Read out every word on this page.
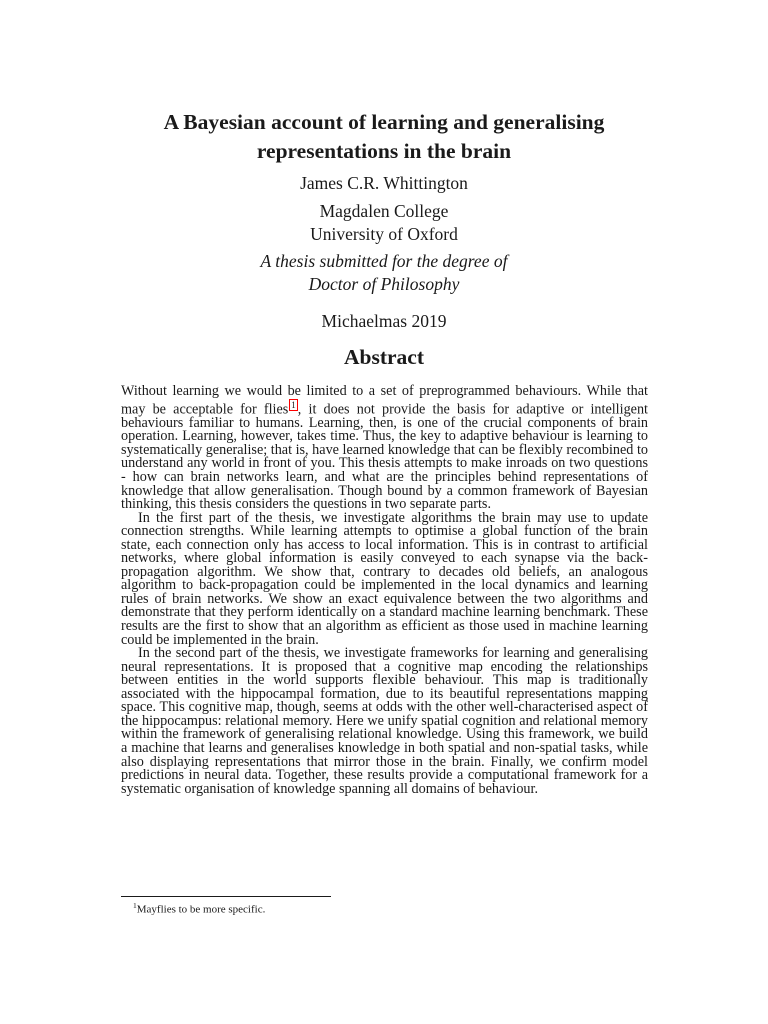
A Bayesian account of learning and generalising
representations in the brain
James C.R. Whittington
Magdalen College
University of Oxford
A thesis submitted for the degree of
Doctor of Philosophy
Michaelmas 2019
Abstract

Without learning we would be limited to a set of preprogrammed behaviours. While that may be acceptable for flies 1 , it does not provide the basis for adaptive or intelligent behaviours familiar to humans. Learning, then, is one of the crucial components of brain operation. Learning, however, takes time. Thus, the key to adaptive behaviour is learning to systematically generalise; that is, have learned knowledge that can be flexibly recombined to understand any world in front of you. This thesis attempts to make inroads on two questions - how can brain networks learn, and what are the principles behind representations of knowledge that allow generalisation. Though bound by a common framework of Bayesian thinking, this thesis considers the questions in two separate parts.

In the first part of the thesis, we investigate algorithms the brain may use to update connection strengths. While learning attempts to optimise a global function of the brain state, each connection only has access to local information. This is in contrast to artificial networks, where global information is easily conveyed to each synapse via the back-propagation algorithm. We show that, contrary to decades old beliefs, an analogous algorithm to back-propagation could be implemented in the local dynamics and learning rules of brain networks. We show an exact equivalence between the two algorithms and demonstrate that they perform identically on a standard machine learning benchmark. These results are the first to show that an algorithm as efficient as those used in machine learning could be implemented in the brain.

In the second part of the thesis, we investigate frameworks for learning and generalising neural representations. It is proposed that a cognitive map encoding the relationships between entities in the world supports flexible behaviour. This map is traditionally associated with the hippocampal formation, due to its beautiful representations mapping space. This cognitive map, though, seems at odds with the other well-characterised aspect of the hippocampus: relational memory. Here we unify spatial cognition and relational memory within the framework of generalising relational knowledge. Using this framework, we build a machine that learns and generalises knowledge in both spatial and non-spatial tasks, while also displaying representations that mirror those in the brain. Finally, we confirm model predictions in neural data. Together, these results provide a computational framework for a systematic organisation of knowledge spanning all domains of behaviour.

$^1$Mayflies to be more specific.
